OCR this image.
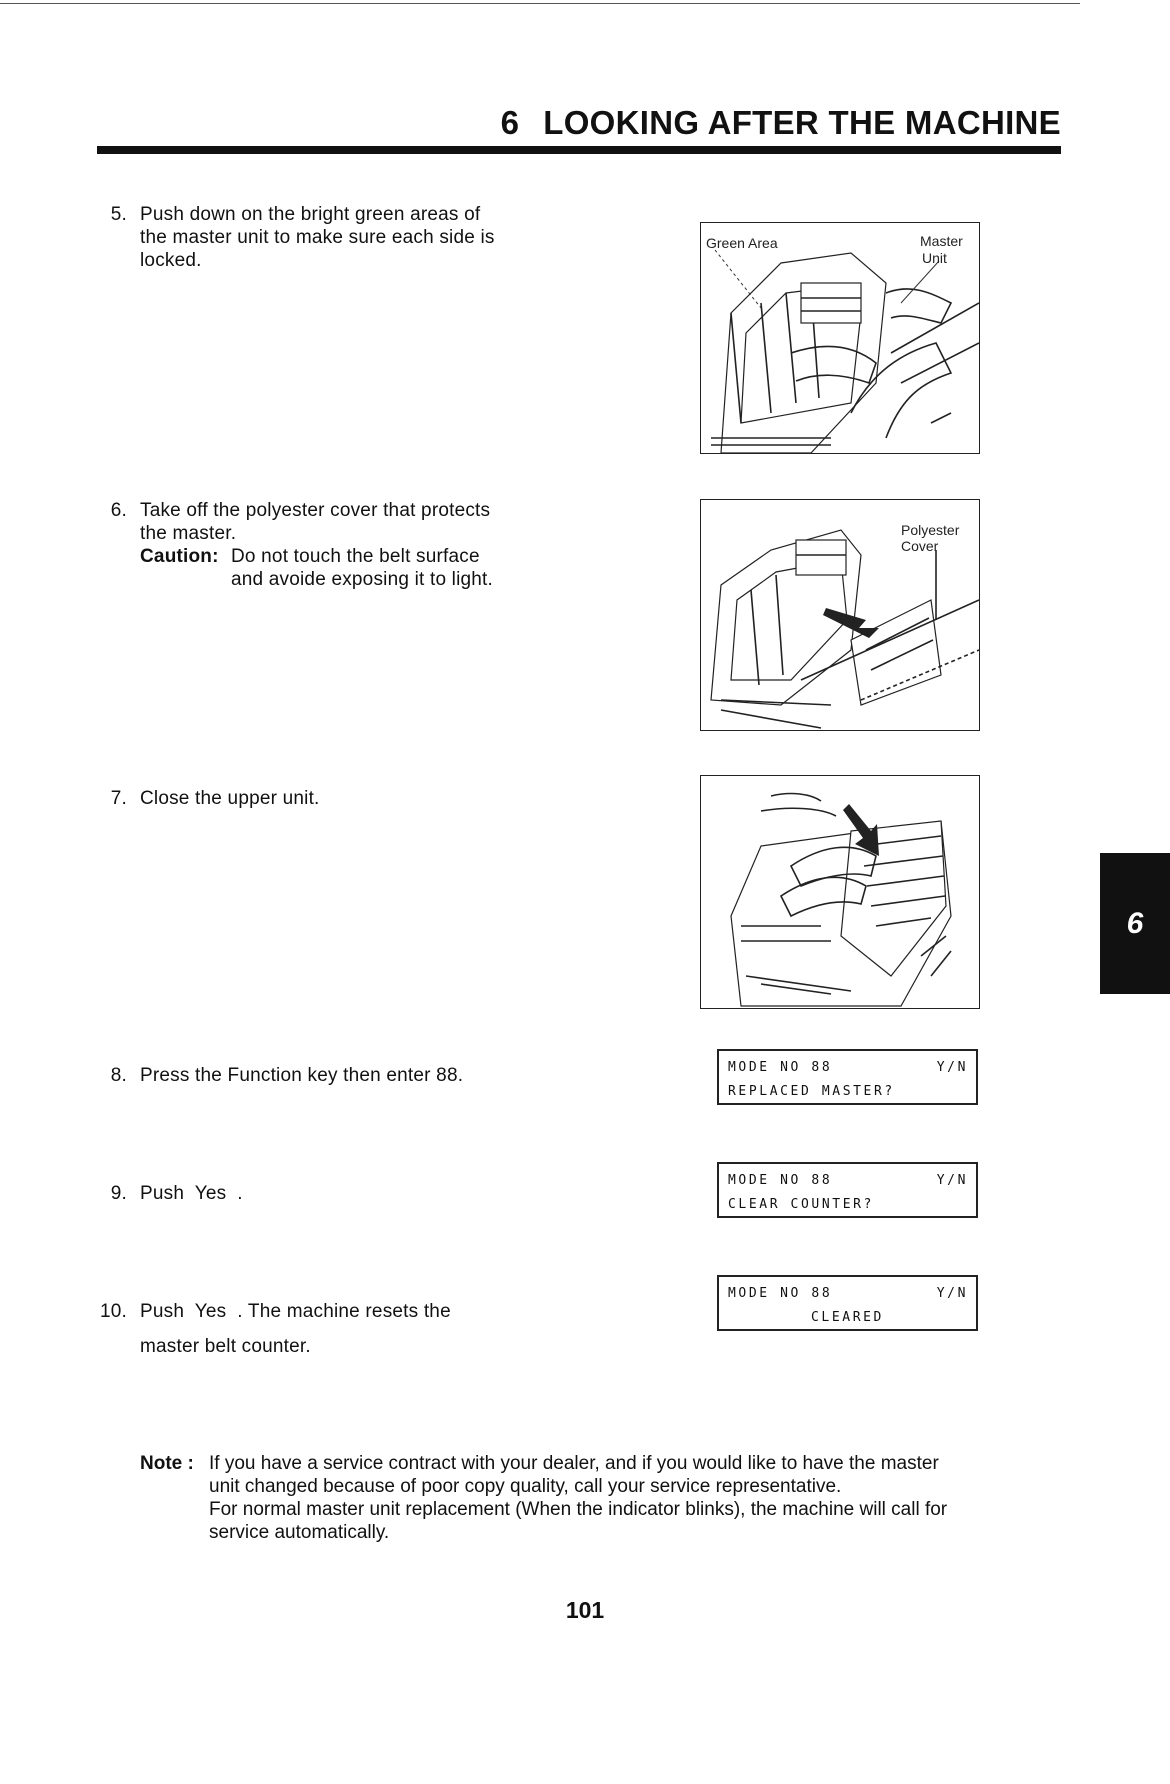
6 LOOKING AFTER THE MACHINE
5. Push down on the bright green areas of
the master unit to make sure each side is
locked.
Green Area	Master
Unit
6. Take off the polyester cover that protects
the master.
Caution: Do not touch the belt surface
and avoide exposing it to light.
Polyester
Cover
7. Close the upper unit.
8. Press the Function key then enter 88.	MODE NO 88	Y/N
REPLACED MASTER?
9. Push  Yes  .
MODE NO 88	Y/N
CLEAR COUNTER?
10. Push  Yes  . The machine resets the
master belt counter.
MODE NO 88	Y/N
CLEARED
6
Note : If you have a service contract with your dealer, and if you would like to have the master
unit changed because of poor copy quality, call your service representative.
For normal master unit replacement (When the indicator blinks), the machine will call for
service automatically.
101
